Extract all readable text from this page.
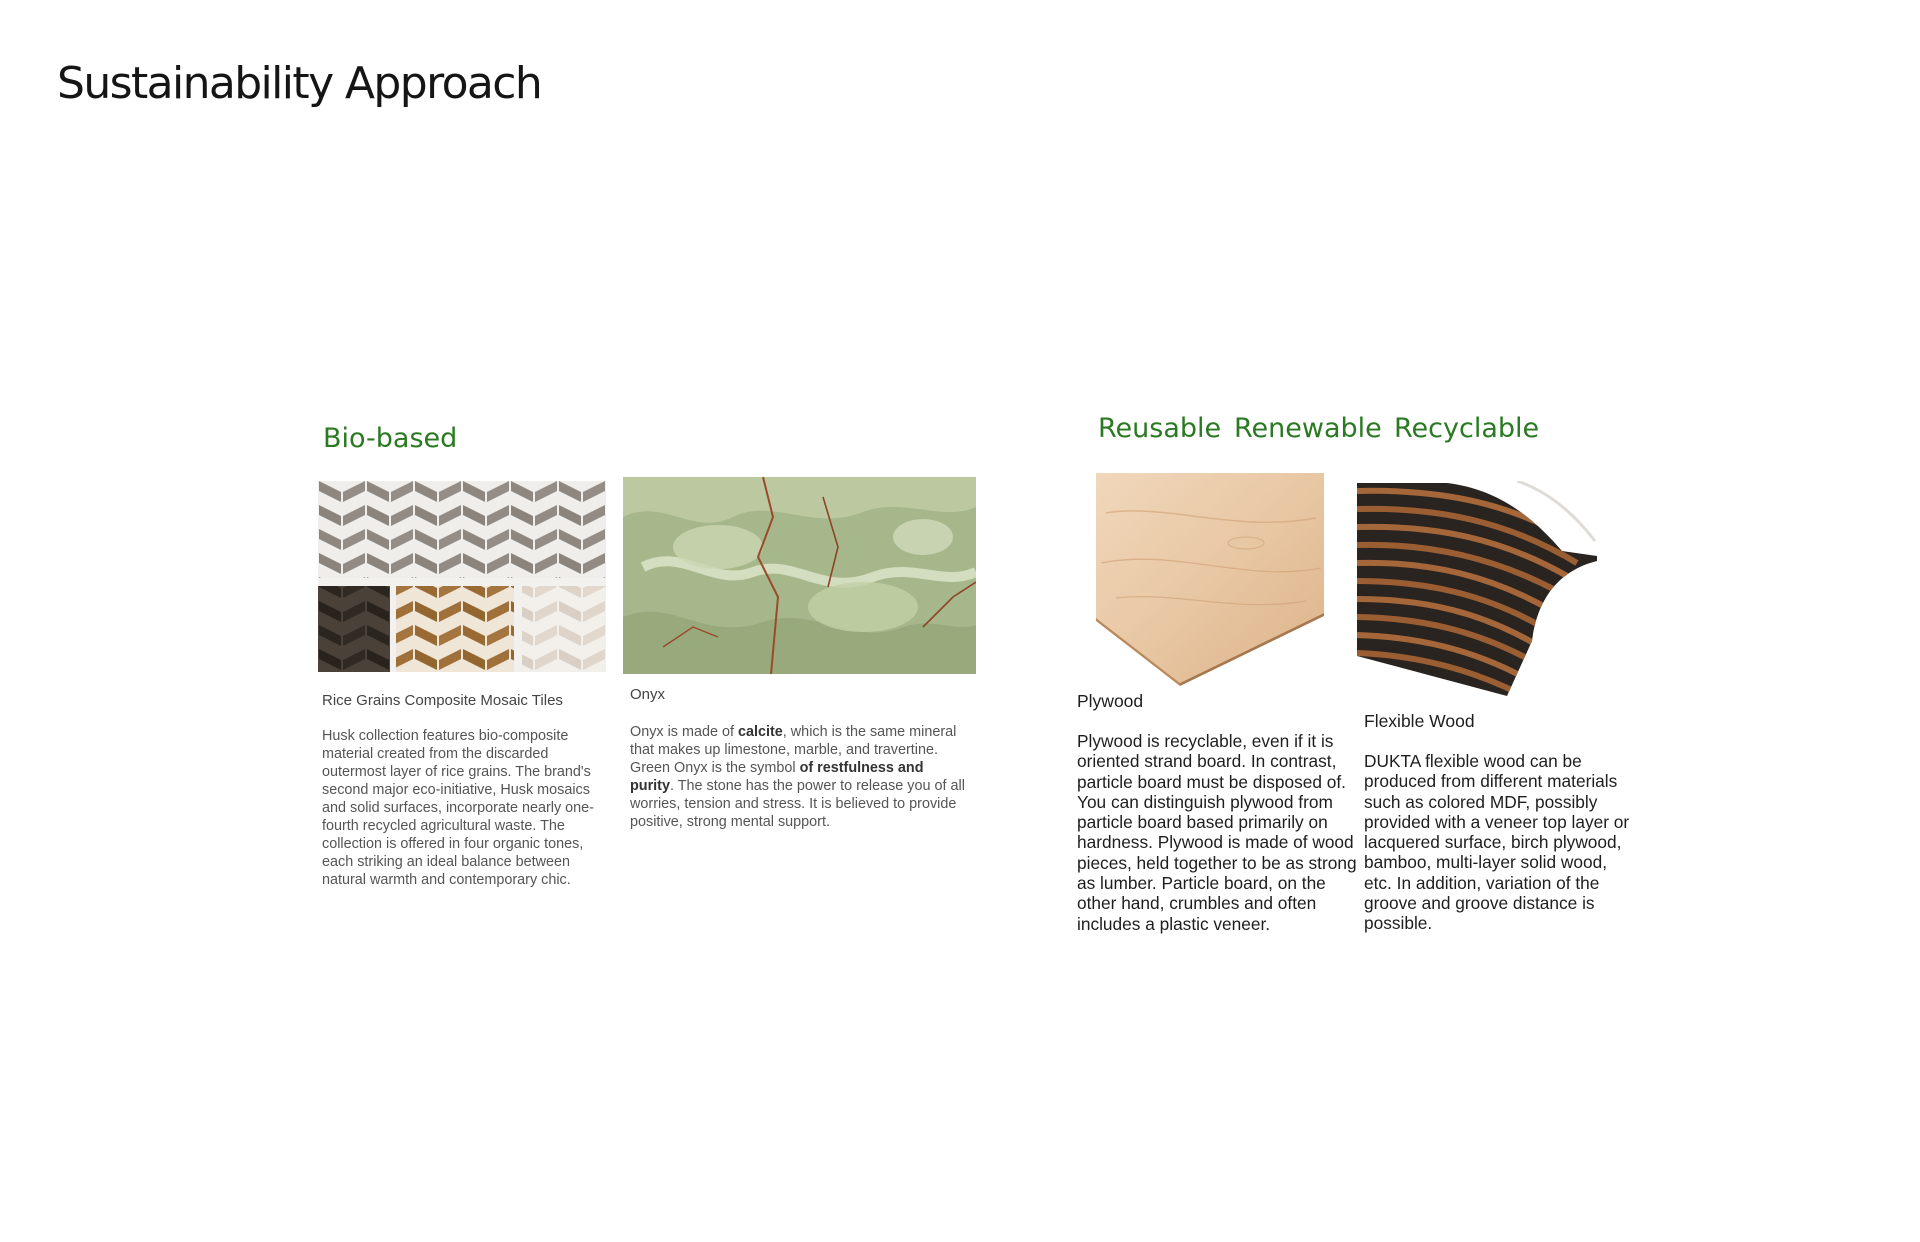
Sustainability Approach
Bio-based

Rice Grains Composite Mosaic Tiles

Husk collection features bio-composite material created from the discarded outermost layer of rice grains. The brand's second major eco-initiative, Husk mosaics and solid surfaces, incorporate nearly one-fourth recycled agricultural waste. The collection is offered in four organic tones, each striking an ideal balance between natural warmth and contemporary chic.

Onyx

Onyx is made of calcite, which is the same mineral that makes up limestone, marble, and travertine. Green Onyx is the symbol of restfulness and purity. The stone has the power to release you of all worries, tension and stress. It is believed to provide positive, strong mental support.

Reusable Renewable Recyclable

Plywood

Plywood is recyclable, even if it is oriented strand board. In contrast, particle board must be disposed of. You can distinguish plywood from particle board based primarily on hardness. Plywood is made of wood pieces, held together to be as strong as lumber. Particle board, on the other hand, crumbles and often includes a plastic veneer.

Flexible Wood

DUKTA flexible wood can be produced from different materials such as colored MDF, possibly provided with a veneer top layer or lacquered surface, birch plywood, bamboo, multi-layer solid wood, etc. In addition, variation of the groove and groove distance is possible.
